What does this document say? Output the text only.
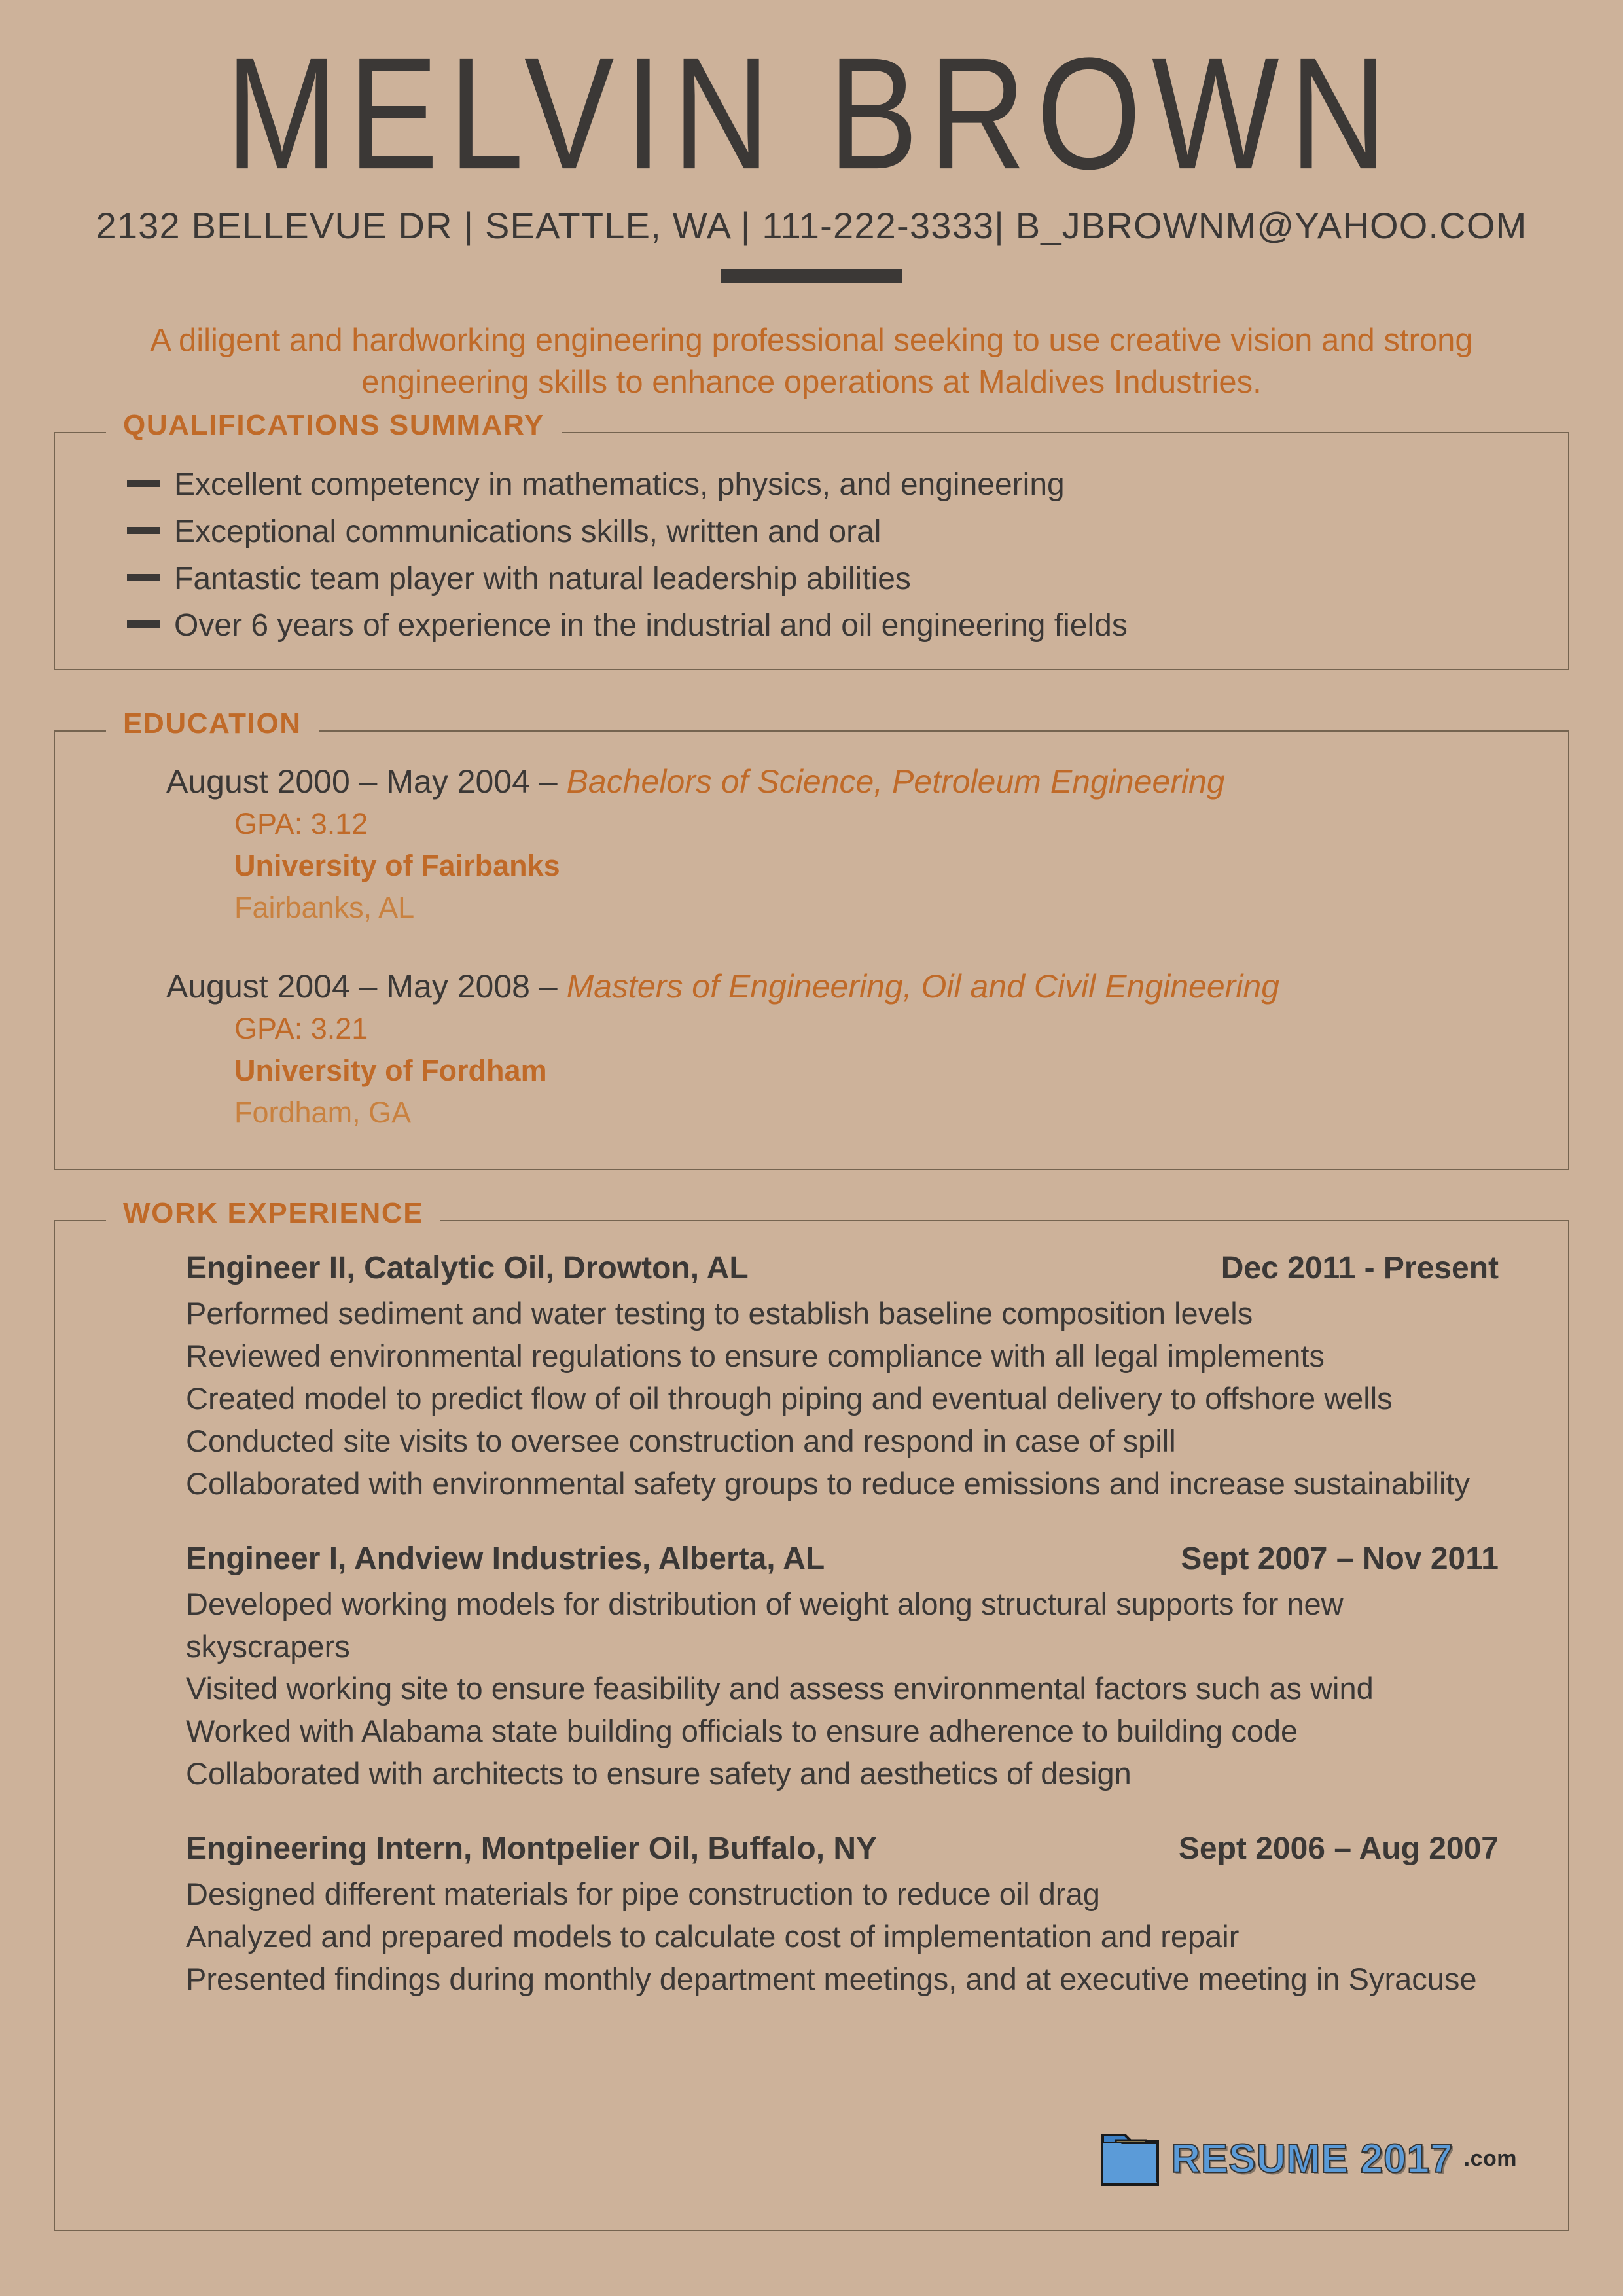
MELVIN BROWN
2132 BELLEVUE DR | SEATTLE, WA | 111-222-3333| B_JBROWNM@YAHOO.COM
A diligent and hardworking engineering professional seeking to use creative vision and strong engineering skills to enhance operations at Maldives Industries.
QUALIFICATIONS SUMMARY
Excellent competency in mathematics, physics, and engineering
Exceptional communications skills, written and oral
Fantastic team player with natural leadership abilities
Over 6 years of experience in the industrial and oil engineering fields
EDUCATION
August 2000 – May 2004 – Bachelors of Science, Petroleum Engineering
GPA: 3.12
University of Fairbanks
Fairbanks, AL
August 2004 – May 2008 – Masters of Engineering, Oil and Civil Engineering
GPA: 3.21
University of Fordham
Fordham, GA
WORK EXPERIENCE
Engineer II, Catalytic Oil, Drowton, AL	Dec 2011 - Present
Performed sediment and water testing to establish baseline composition levels
Reviewed environmental regulations to ensure compliance with all legal implements
Created model to predict flow of oil through piping and eventual delivery to offshore wells
Conducted site visits to oversee construction and respond in case of spill
Collaborated with environmental safety groups to reduce emissions and increase sustainability
Engineer I, Andview Industries, Alberta, AL	Sept 2007 – Nov 2011
Developed working models for distribution of weight along structural supports for new skyscrapers
Visited working site to ensure feasibility and assess environmental factors such as wind
Worked with Alabama state building officials to ensure adherence to building code
Collaborated with architects to ensure safety and aesthetics of design
Engineering Intern, Montpelier Oil, Buffalo, NY	Sept 2006 – Aug 2007
Designed different materials for pipe construction to reduce oil drag
Analyzed and prepared models to calculate cost of implementation and repair
Presented findings during monthly department meetings, and at executive meeting in Syracuse
RESUME 2017 .com
